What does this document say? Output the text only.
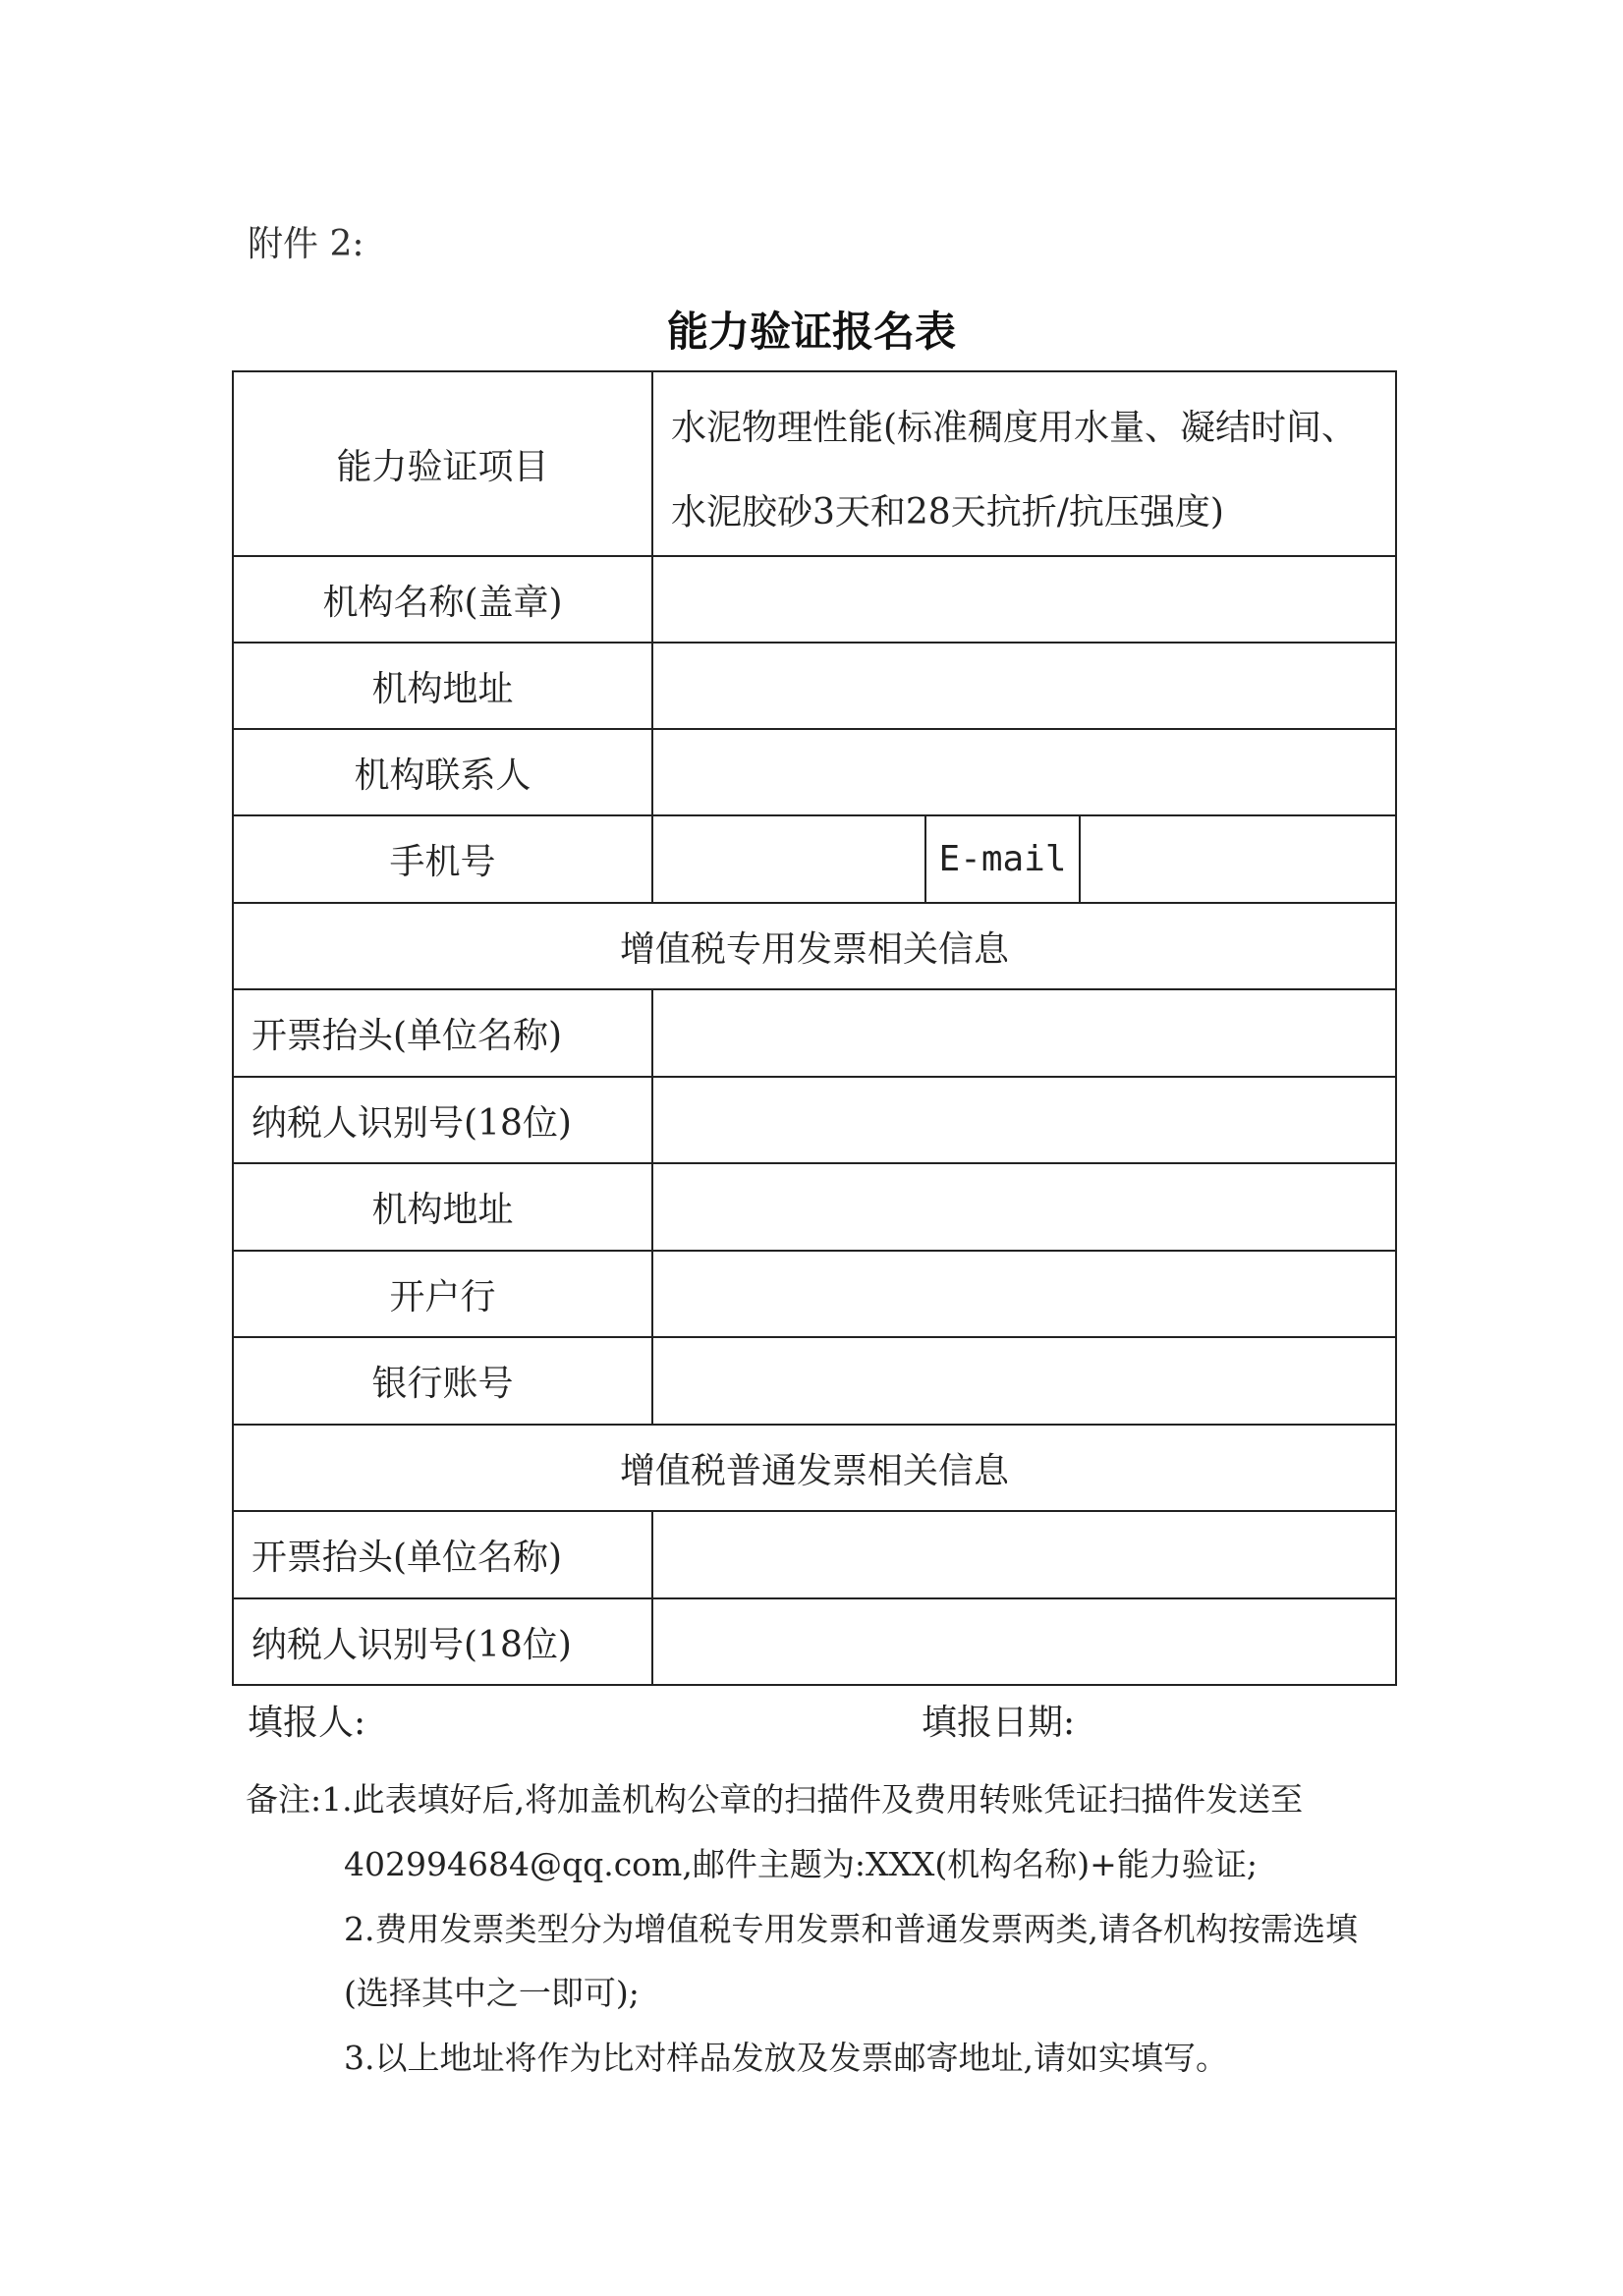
附件 2:
能力验证报名表
能力验证项目	水泥物理性能(标准稠度用水量、凝结时间、
水泥胶砂3天和28天抗折/抗压强度)		

机构名称(盖章)			
机构地址			
机构联系人			
手机号		E-mail	
增值税专用发票相关信息			
开票抬头(单位名称)			
纳税人识别号(18位)			
机构地址			
开户行			
银行账号			
增值税普通发票相关信息			
开票抬头(单位名称)			
纳税人识别号(18位)			
填报人:	填报日期:
备注:1.此表填好后,将加盖机构公章的扫描件及费用转账凭证扫描件发送至
402994684@qq.com,邮件主题为:XXX(机构名称)+能力验证;
2.费用发票类型分为增值税专用发票和普通发票两类,请各机构按需选填
(选择其中之一即可);
3.以上地址将作为比对样品发放及发票邮寄地址,请如实填写。
